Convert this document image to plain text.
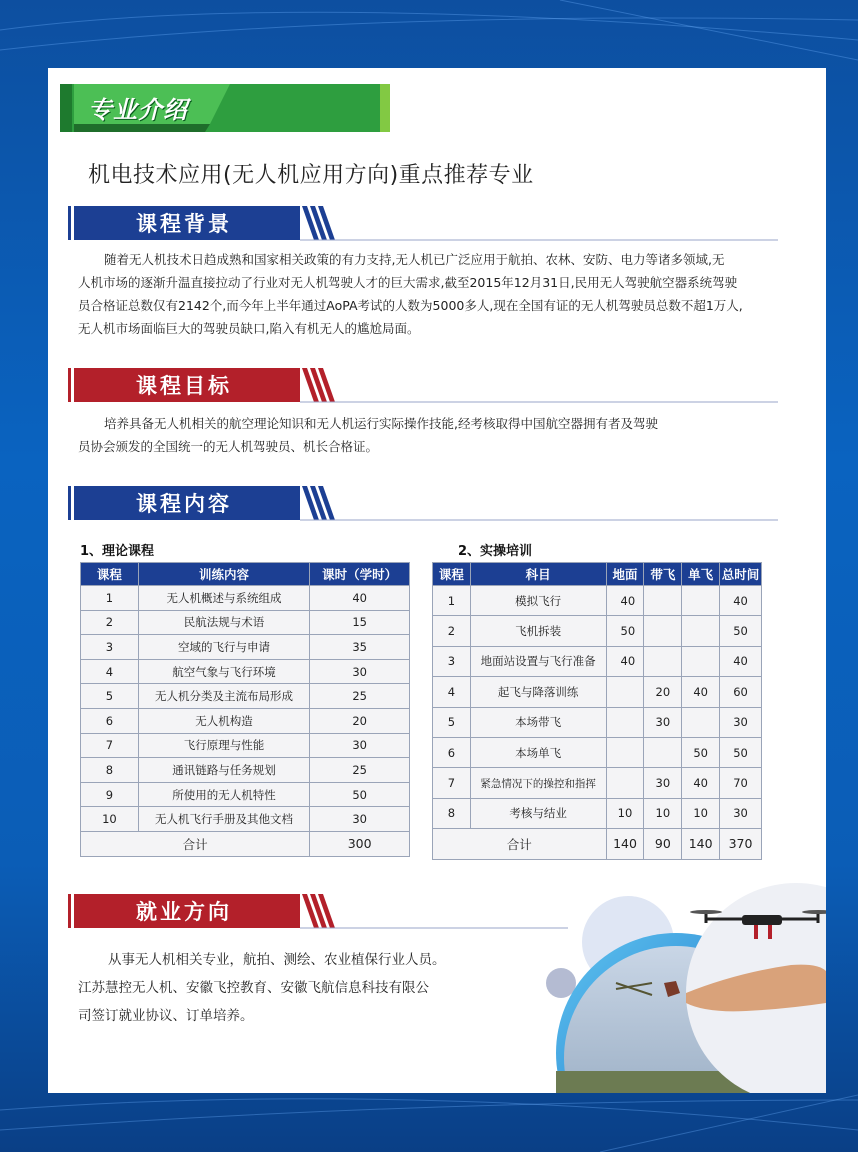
专业介绍
机电技术应用(无人机应用方向)重点推荐专业
课程背景
随着无人机技术日趋成熟和国家相关政策的有力支持,无人机已广泛应用于航拍、农林、安防、电力等诸多领域,无
人机市场的逐渐升温直接拉动了行业对无人机驾驶人才的巨大需求,截至2015年12月31日,民用无人驾驶航空器系统驾驶
员合格证总数仅有2142个,而今年上半年通过AoPA考试的人数为5000多人,现在全国有证的无人机驾驶员总数不超1万人,
无人机市场面临巨大的驾驶员缺口,陷入有机无人的尴尬局面。
课程目标
培养具备无人机相关的航空理论知识和无人机运行实际操作技能,经考核取得中国航空器拥有者及驾驶
员协会颁发的全国统一的无人机驾驶员、机长合格证。
课程内容
1、理论课程	2、实操培训
课程	训练内容	课时（学时）
1	无人机概述与系统组成	40
2	民航法规与术语	15
3	空域的飞行与申请	35
4	航空气象与飞行环境	30
5	无人机分类及主流布局形成	25
6	无人机构造	20
7	飞行原理与性能	30
8	通讯链路与任务规划	25
9	所使用的无人机特性	50
10	无人机飞行手册及其他文档	30
合计		300
课程	科目	地面	带飞	单飞	总时间
1	模拟飞行	40			40
2	飞机拆装	50			50
3	地面站设置与飞行准备	40			40
4	起飞与降落训练		20	40	60
5	本场带飞		30		30
6	本场单飞			50	50
7	紧急情况下的操控和指挥		30	40	70
8	考核与结业	10	10	10	30
合计		140	90	140	370
就业方向
从事无人机相关专业，航拍、测绘、农业植保行业人员。
江苏慧控无人机、安徽飞控教育、安徽飞航信息科技有限公
司签订就业协议、订单培养。
